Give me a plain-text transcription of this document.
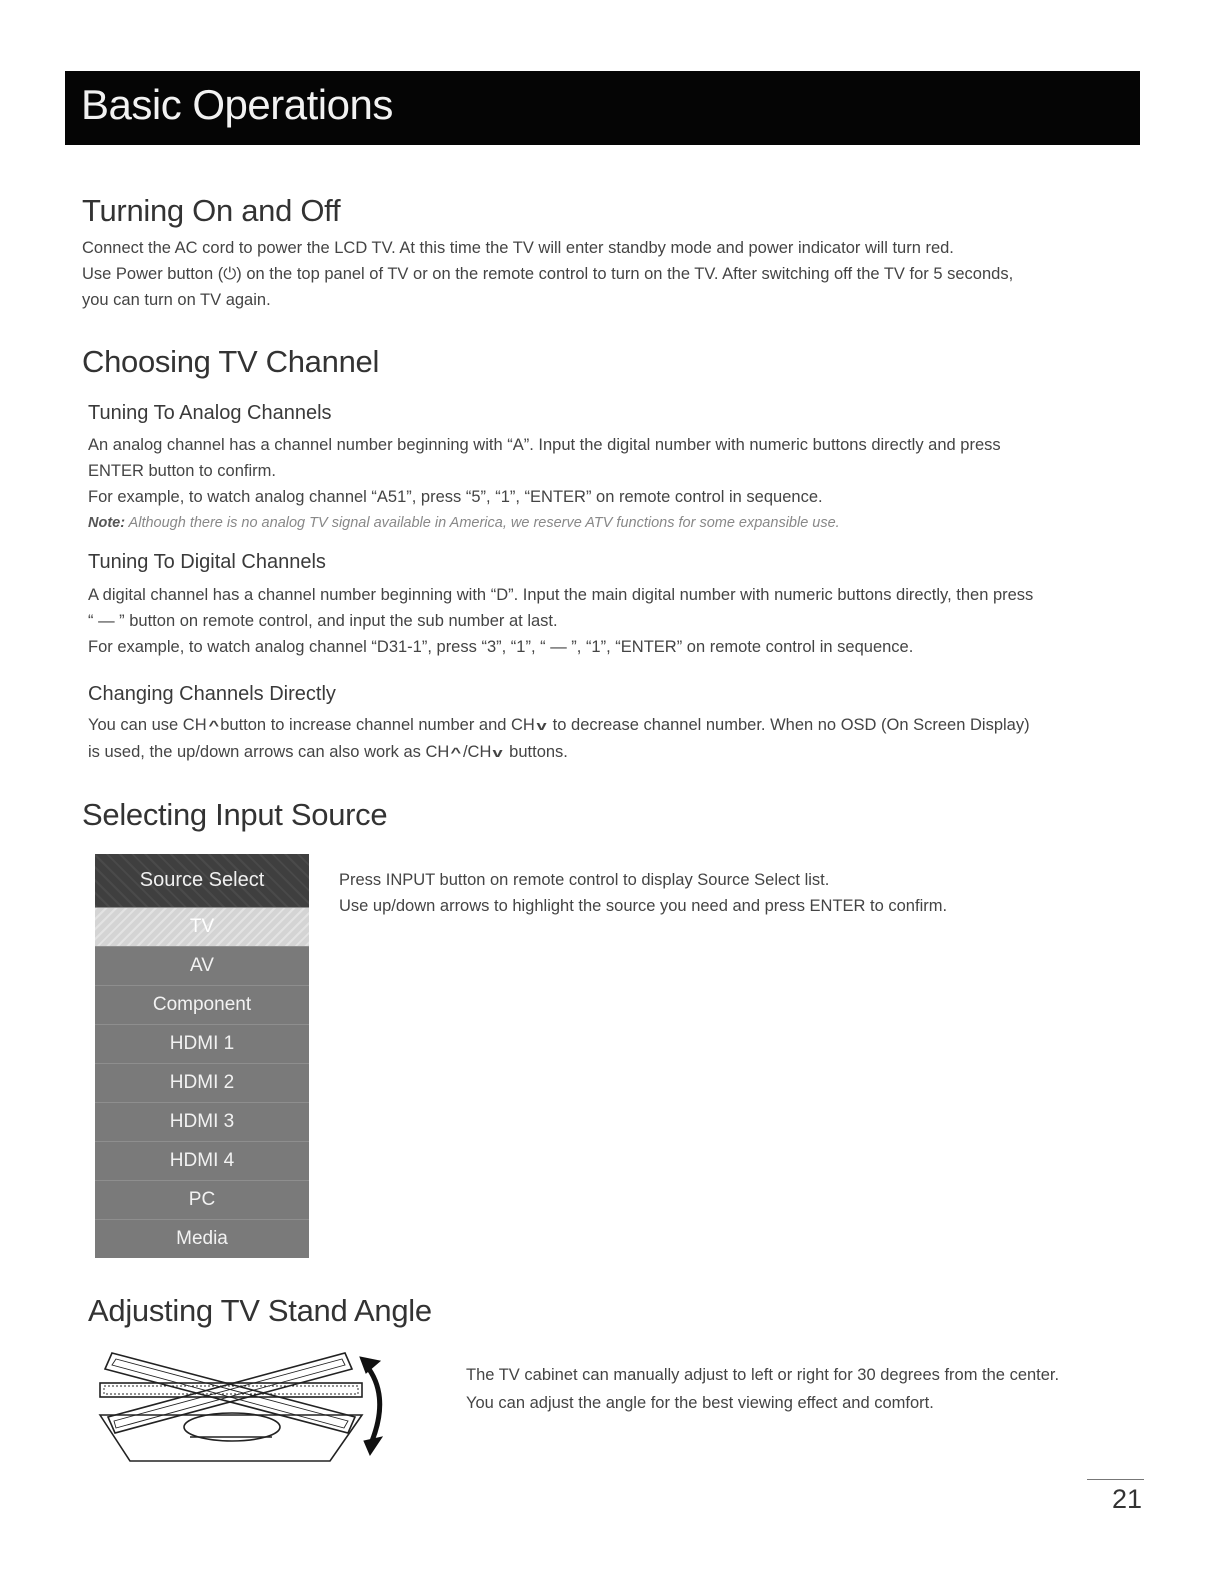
Basic Operations
Turning On and Off

Connect the AC cord to power the LCD TV. At this time the TV will enter standby mode and power indicator will turn red.

Use Power button (⏻) on the top panel of TV or on the remote control to turn on the TV. After switching off the TV for 5 seconds,

you can turn on TV again.

Choosing TV Channel
Tuning To Analog Channels

An analog channel has a channel number beginning with “A”. Input the digital number with numeric buttons directly and press

ENTER button to confirm.

For example, to watch analog channel “A51”, press “5”, “1”, “ENTER” on remote control in sequence.

Note: Although there is no analog TV signal available in America, we reserve ATV functions for some expansible use.

Tuning To Digital Channels

A digital channel has a channel number beginning with “D”. Input the main digital number with numeric buttons directly, then press

“ — ” button on remote control, and input the sub number at last.

For example, to watch analog channel “D31-1”, press “3”, “1”, “ — ”, “1”, “ENTER” on remote control in sequence.

Changing Channels Directly

You can use CH^button to increase channel number and CH v to decrease channel number. When no OSD (On Screen Display)

is used, the up/down arrows can also work as CH^/CH v buttons.

Selecting Input Source
Source Select
TV
AV
Component
HDMI 1
HDMI 2
HDMI 3
HDMI 4
PC
Media

Press INPUT button on remote control to display Source Select list.

Use up/down arrows to highlight the source you need and press ENTER to confirm.

Adjusting TV Stand Angle

The TV cabinet can manually adjust to left or right for 30 degrees from the center.

You can adjust the angle for the best viewing effect and comfort.

21
